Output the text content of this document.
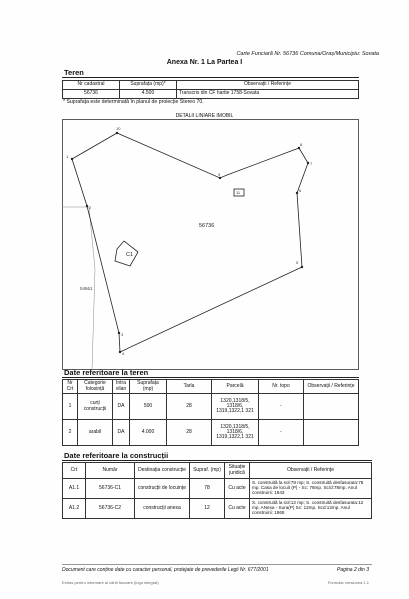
Carte Funciară Nr. 56736 Comuna/Oraș/Municipiu: Sovata
Anexa Nr. 1 La Partea I
Teren
Nr cadastral	Suprafața (mp)*	Observații / Referințe
56736	4.500	Transcris din CF hartie 1758-Sovata
* Suprafața este determinată în planul de proiecție Stereo 70.
DETALII LINIARE IMOBIL
1
10
9
8
7
6
5
4
3
2
11
56736
C1
54661
Date referitoare la teren
Nr Crt	Categorie folosință	Intra vilan	Suprafața (mp)	Tarla	Parcelă	Nr. topo	Observații / Referințe
1	curți construcții	DA	500	28	1320,1318/5, 1318/6, 1319,1322,1 321	-	
2	arabil	DA	4.000	28	1320,1318/5, 1318/6, 1319,1322,1 321	-	
Date referitoare la construcții
Crt	Număr	Destinația construcție	Supraf. (mp)	Situație juridică	Observații / Referințe
A1.1	56736-C1	construcții de locuințe	78	Cu acte	S. construită la sol:78 mp; S. construită desfasurata:78 mp. Casa de locuit (P) - Sc: 78mp. Sc/d:78mp. Anul construirii: 1943
A1.2	56736-C2	construcții anexa	12	Cu acte	S. construită la sol:12 mp; S. construită desfasurata:12 mp. ANexa - Sura(P) Sc: 12mp. Scd:12mp. Anul construirii: 1965
Document care conține date cu caracter personal, protejate de prevederile Legii Nr. 677/2001	Pagina 2 din 3
Extras pentru informare al cărții funciare (ingo integrat)	Formular versiunea 1.1
